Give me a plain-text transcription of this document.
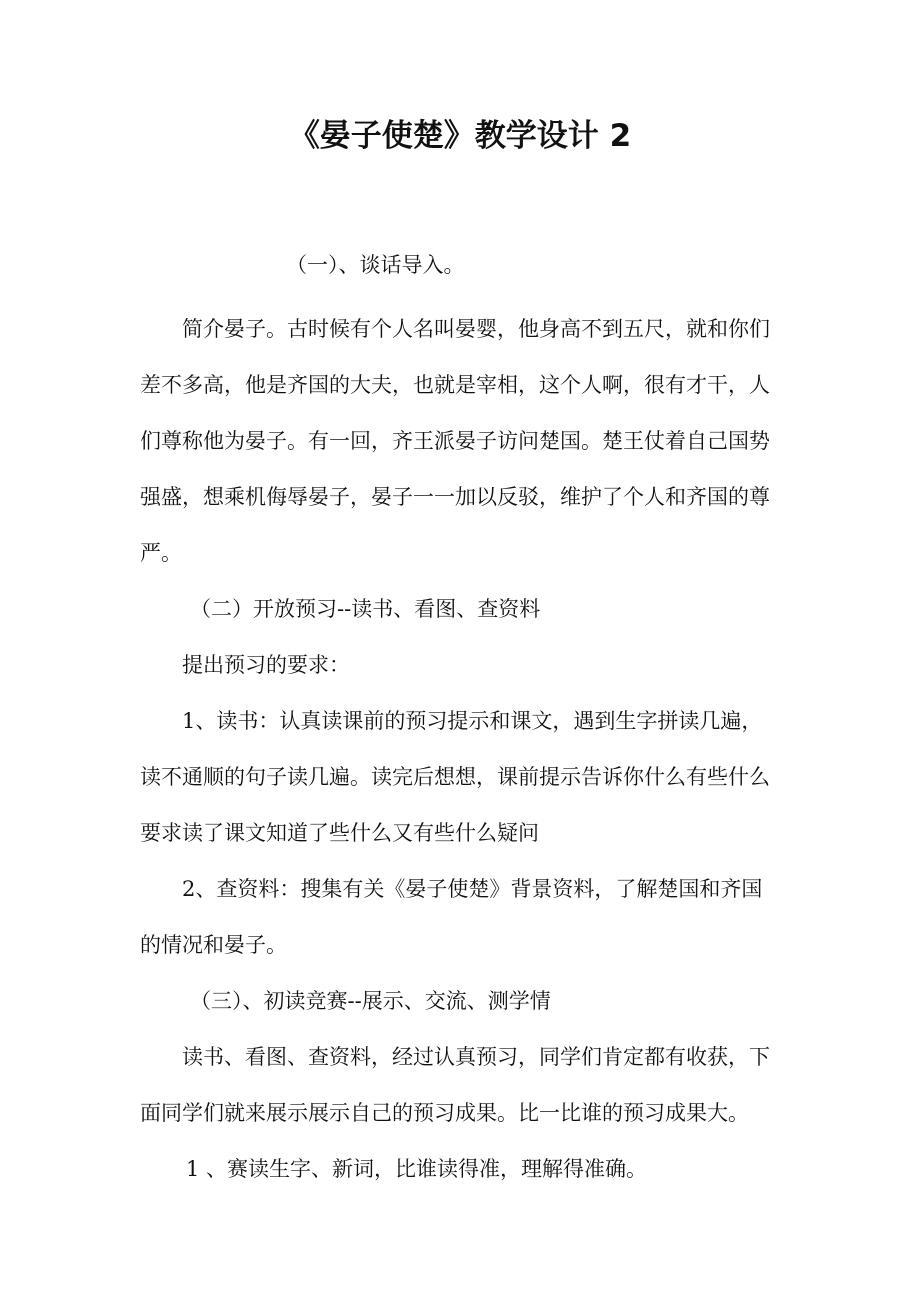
《晏子使楚》教学设计 2

（一）、谈话导入。

简介晏子。古时候有个人名叫晏婴，他身高不到五尺，就和你们差不多高，他是齐国的大夫，也就是宰相，这个人啊，很有才干，人们尊称他为晏子。有一回，齐王派晏子访问楚国。楚王仗着自己国势强盛，想乘机侮辱晏子，晏子一一加以反驳，维护了个人和齐国的尊严。

（二）开放预习--读书、看图、查资料

提出预习的要求：

1、读书：认真读课前的预习提示和课文，遇到生字拼读几遍，读不通顺的句子读几遍。读完后想想，课前提示告诉你什么有些什么要求读了课文知道了些什么又有些什么疑问

2、查资料：搜集有关《晏子使楚》背景资料，了解楚国和齐国的情况和晏子。

（三）、初读竞赛--展示、交流、测学情

读书、看图、查资料，经过认真预习，同学们肯定都有收获，下面同学们就来展示展示自己的预习成果。比一比谁的预习成果大。

1 、赛读生字、新词，比谁读得准，理解得准确。
